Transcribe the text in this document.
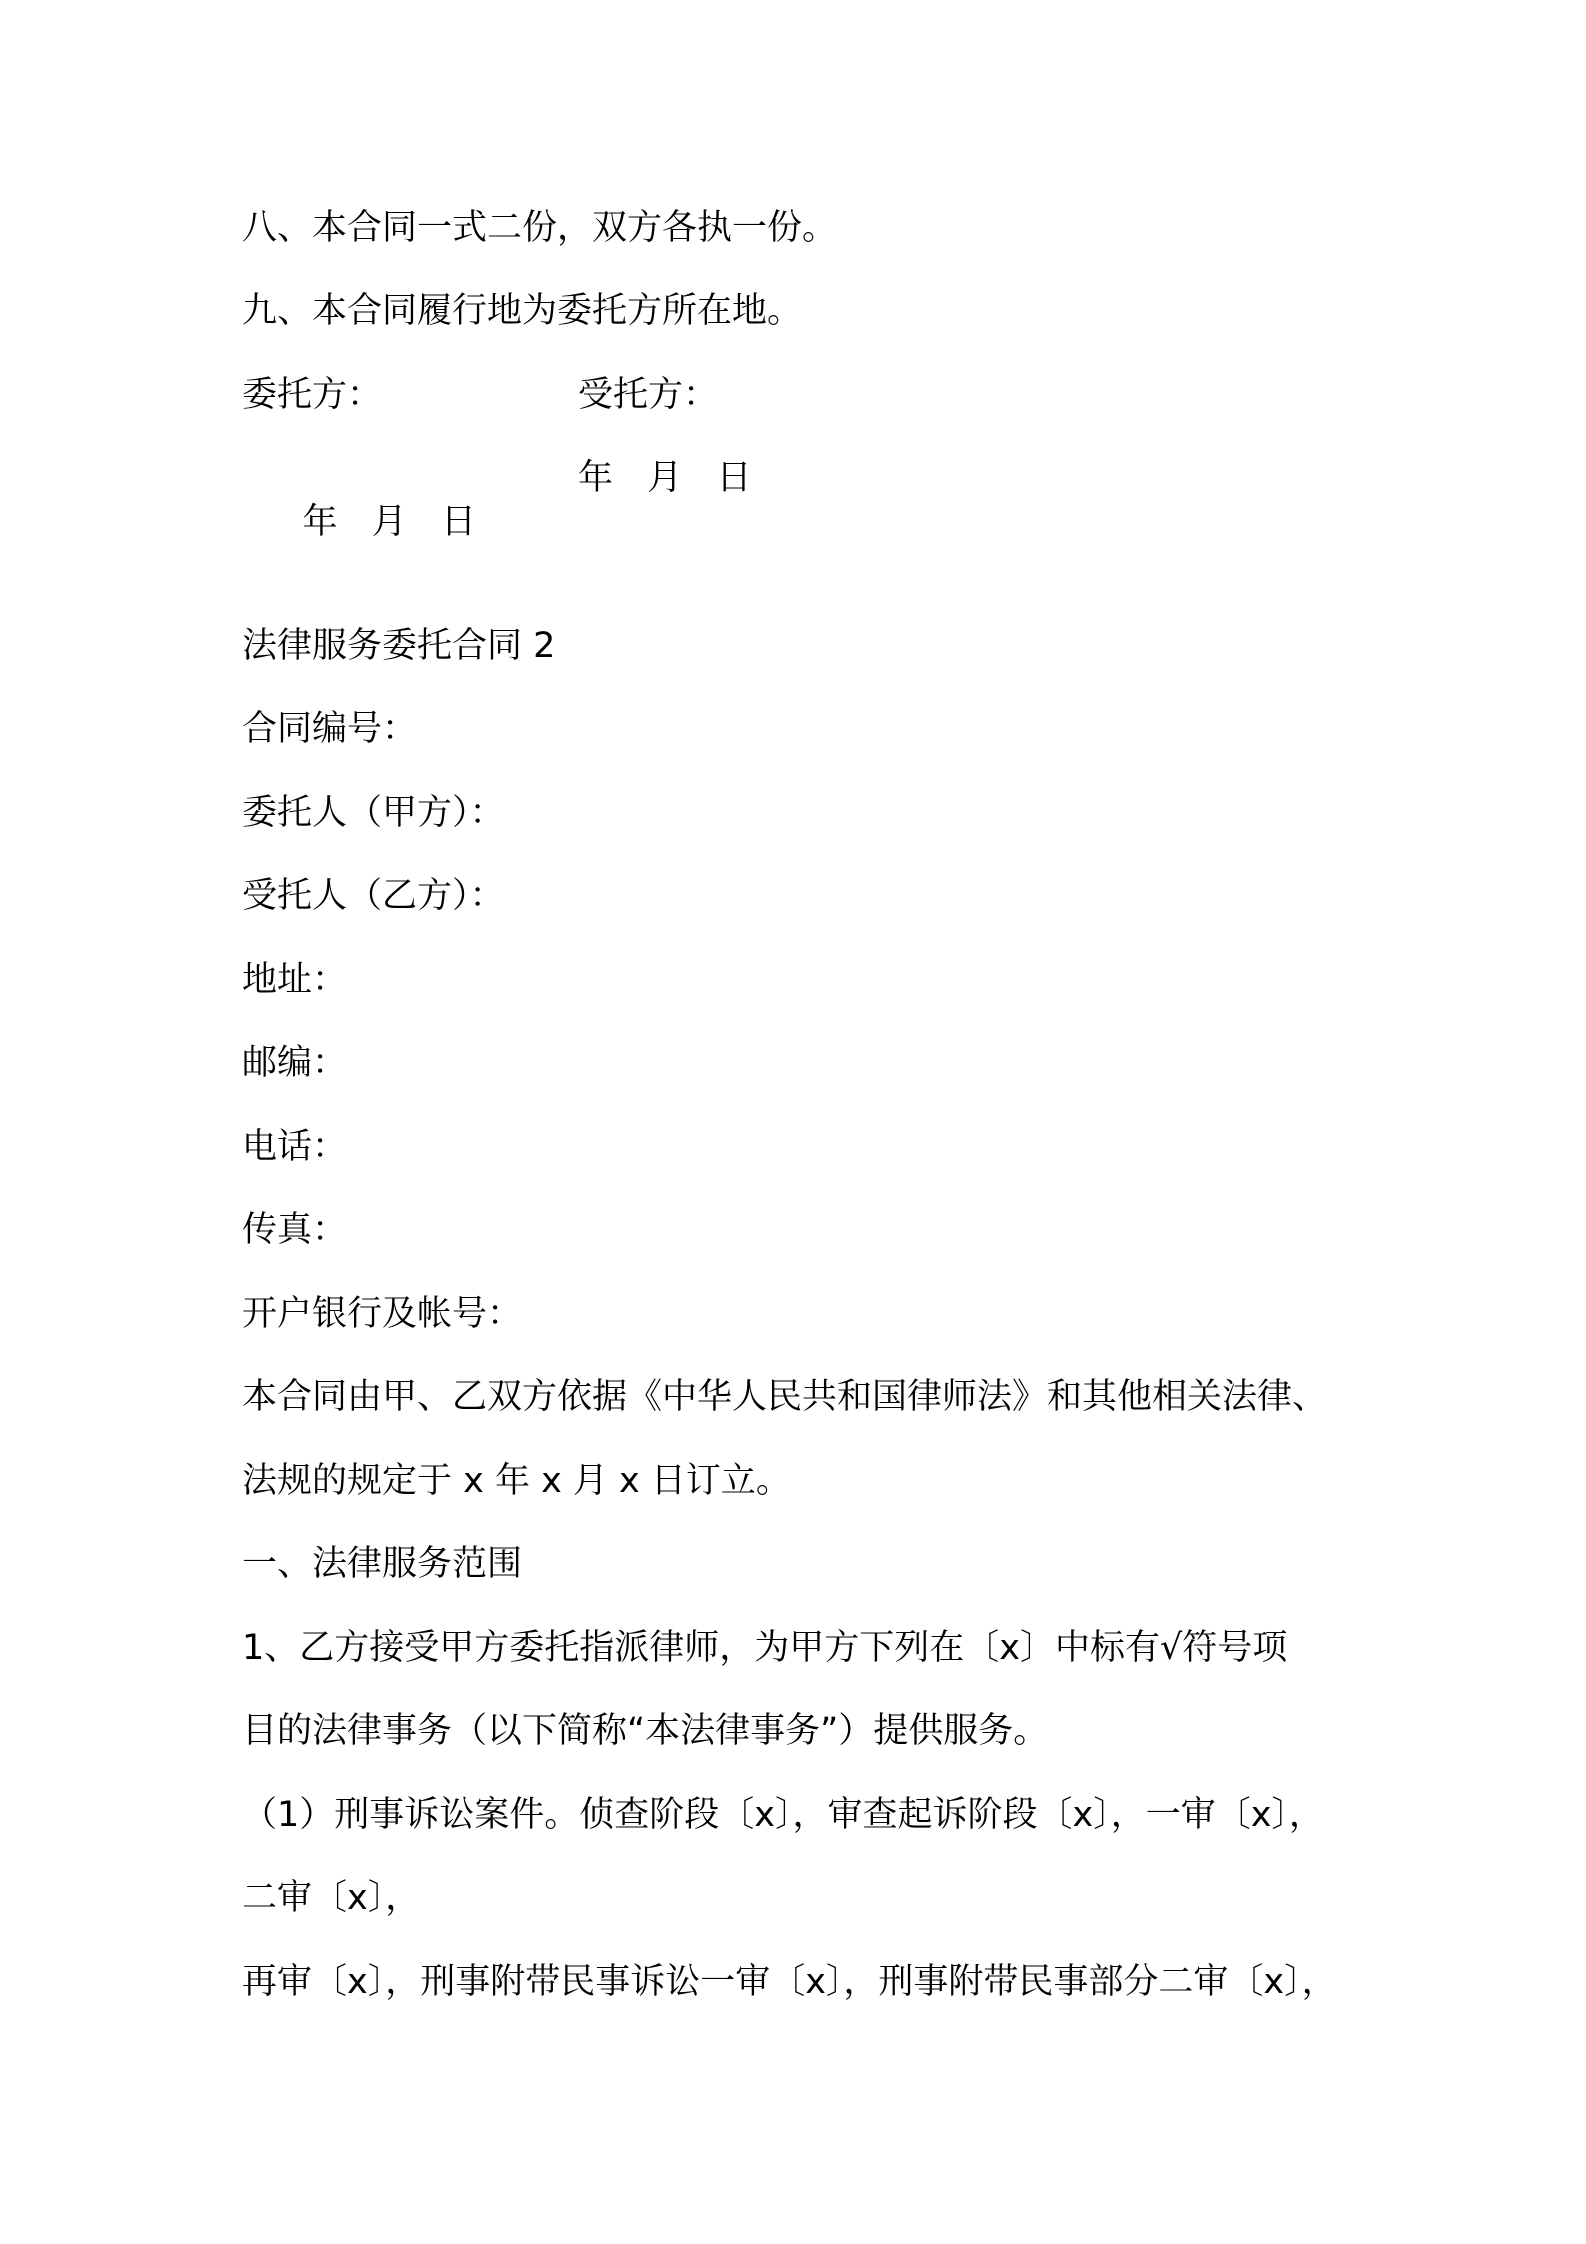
八、本合同一式二份，双方各执一份。
九、本合同履行地为委托方所在地。
委托方：	受托方：

年  月  日

年  月  日

法律服务委托合同 2
合同编号：
委托人（甲方）：
受托人（乙方）：
地址：
邮编：
电话：
传真：
开户银行及帐号：
本合同由甲、乙双方依据《中华人民共和国律师法》和其他相关法律、
法规的规定于 x 年 x 月 x 日订立。
一、法律服务范围
1、乙方接受甲方委托指派律师，为甲方下列在〔x〕中标有√符号项
目的法律事务（以下简称“本法律事务”）提供服务。
（1）刑事诉讼案件。侦查阶段〔x〕，审查起诉阶段〔x〕，一审〔x〕，
二审〔x〕，
再审〔x〕，刑事附带民事诉讼一审〔x〕，刑事附带民事部分二审〔x〕，
